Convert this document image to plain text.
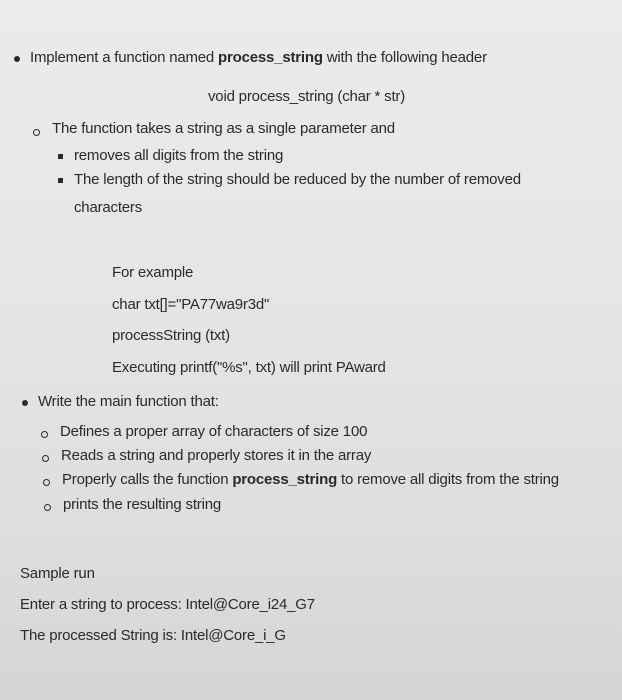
Implement a function named process_string with the following header
void process_string (char * str)
The function takes a string as a single parameter and
removes all digits from the string
The length of the string should be reduced by the number of removed
characters
For example
char txt[]="PA77wa9r3d"
processString (txt)
Executing printf("%s", txt) will print PAward
Write the main function that:
Defines a proper array of characters of size 100
Reads a string and properly stores it in the array
Properly calls the function process_string to remove all digits from the string
prints the resulting string
Sample run
Enter a string to process: Intel@Core_i24_G7
The processed String is: Intel@Core_i_G
